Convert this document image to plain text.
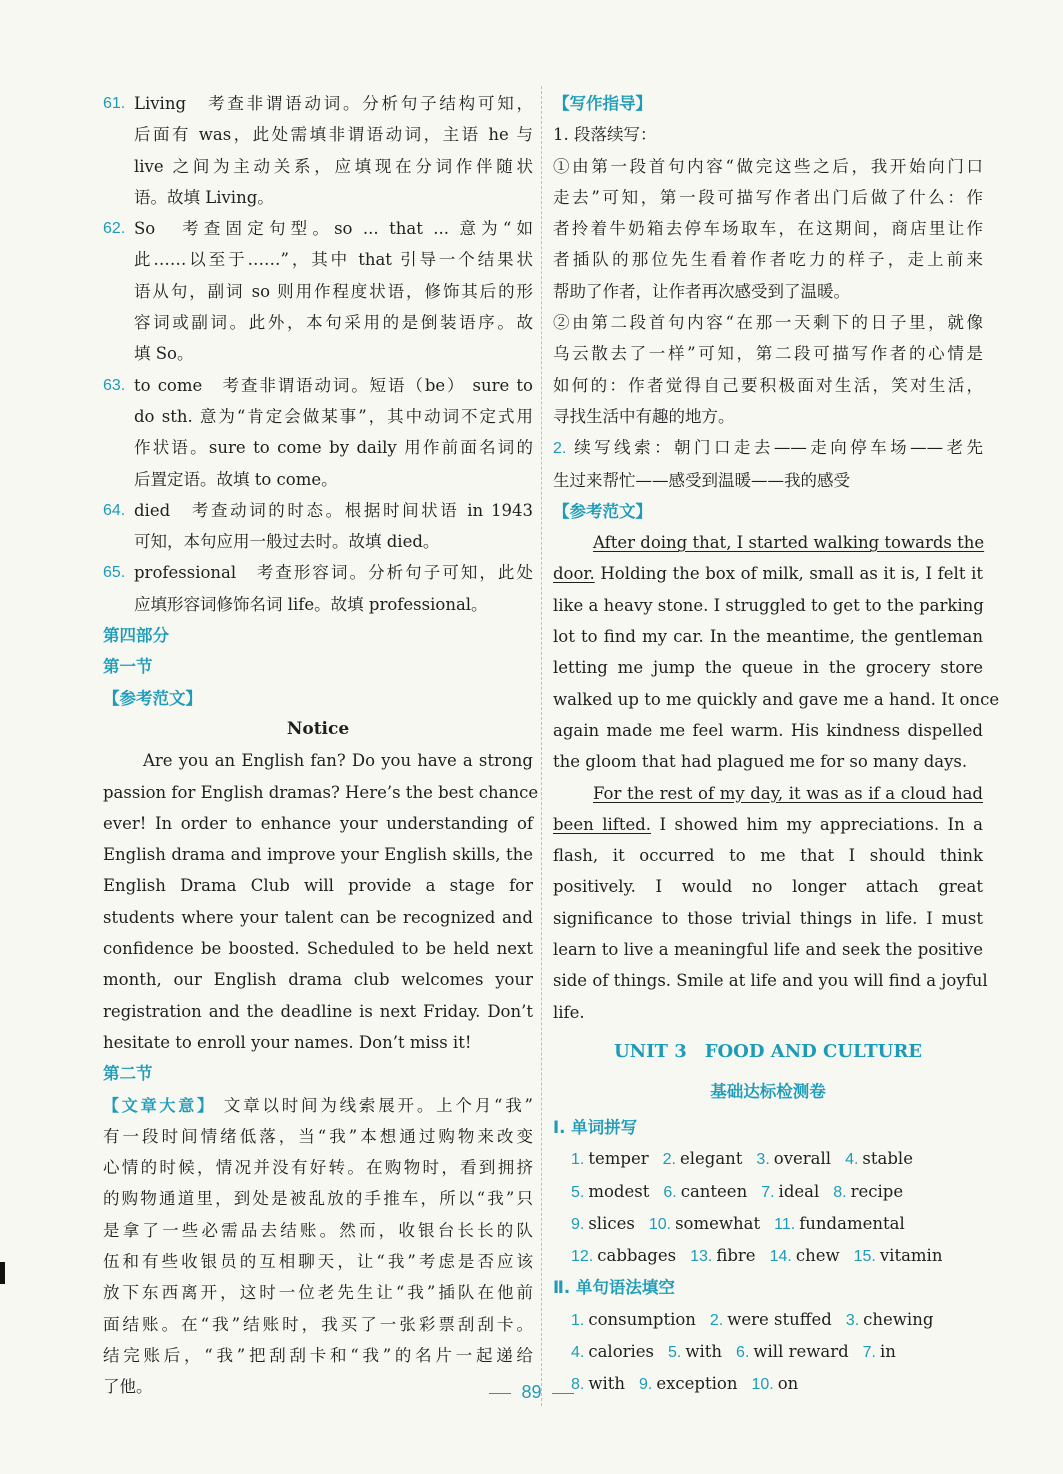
61. Living　考查非谓语动词。分析句子结构可知，
后面有 was，此处需填非谓语动词，主语 he 与
live 之间为主动关系，应填现在分词作伴随状
语。故填 Living。
62. So　考查固定句型。so ... that ... 意为“如
此……以至于……”，其中 that 引导一个结果状
语从句，副词 so 则用作程度状语，修饰其后的形
容词或副词。此外，本句采用的是倒装语序。故
填 So。
63. to come　考查非谓语动词。短语（be） sure to
do sth. 意为“肯定会做某事”，其中动词不定式用
作状语。sure to come by daily 用作前面名词的
后置定语。故填 to come。
64. died　考查动词的时态。根据时间状语 in 1943
可知，本句应用一般过去时。故填 died。
65. professional　考查形容词。分析句子可知，此处
应填形容词修饰名词 life。故填 professional。
第四部分
第一节
【参考范文】
Notice
Are you an English fan? Do you have a strong
passion for English dramas? Here’s the best chance
ever! In order to enhance your understanding of
English drama and improve your English skills, the
English Drama Club will provide a stage for
students where your talent can be recognized and
confidence be boosted. Scheduled to be held next
month, our English drama club welcomes your
registration and the deadline is next Friday. Don’t
hesitate to enroll your names. Don’t miss it!
第二节
【文章大意】 文章以时间为线索展开。上个月“我”
有一段时间情绪低落，当“我”本想通过购物来改变
心情的时候，情况并没有好转。在购物时，看到拥挤
的购物通道里，到处是被乱放的手推车，所以“我”只
是拿了一些必需品去结账。然而，收银台长长的队
伍和有些收银员的互相聊天，让“我”考虑是否应该
放下东西离开，这时一位老先生让“我”插队在他前
面结账。在“我”结账时，我买了一张彩票刮刮卡。
结完账后，“我”把刮刮卡和“我”的名片一起递给
了他。
【写作指导】
1. 段落续写：
①由第一段首句内容“做完这些之后，我开始向门口
走去”可知，第一段可描写作者出门后做了什么：作
者拎着牛奶箱去停车场取车，在这期间，商店里让作
者插队的那位先生看着作者吃力的样子，走上前来
帮助了作者，让作者再次感受到了温暖。
②由第二段首句内容“在那一天剩下的日子里，就像
乌云散去了一样”可知，第二段可描写作者的心情是
如何的：作者觉得自己要积极面对生活，笑对生活，
寻找生活中有趣的地方。
2. 续写线索：朝门口走去——走向停车场——老先
生过来帮忙——感受到温暖——我的感受
【参考范文】
After doing that, I started walking towards the
door. Holding the box of milk, small as it is, I felt it
like a heavy stone. I struggled to get to the parking
lot to find my car. In the meantime, the gentleman
letting me jump the queue in the grocery store
walked up to me quickly and gave me a hand. It once
again made me feel warm. His kindness dispelled
the gloom that had plagued me for so many days.
For the rest of my day, it was as if a cloud had
been lifted. I showed him my appreciations. In a
flash, it occurred to me that I should think
positively. I would no longer attach great
significance to those trivial things in life. I must
learn to live a meaningful life and seek the positive
side of things. Smile at life and you will find a joyful
life.
UNIT 3　FOOD AND CULTURE
基础达标检测卷
Ⅰ. 单词拼写
1. temper 2. elegant 3. overall 4. stable
5. modest 6. canteen 7. ideal 8. recipe
9. slices 10. somewhat 11. fundamental
12. cabbages 13. fibre 14. chew 15. vitamin
Ⅱ. 单句语法填空
1. consumption 2. were stuffed 3. chewing
4. calories 5. with 6. will reward 7. in
8. with 9. exception 10. on
89
